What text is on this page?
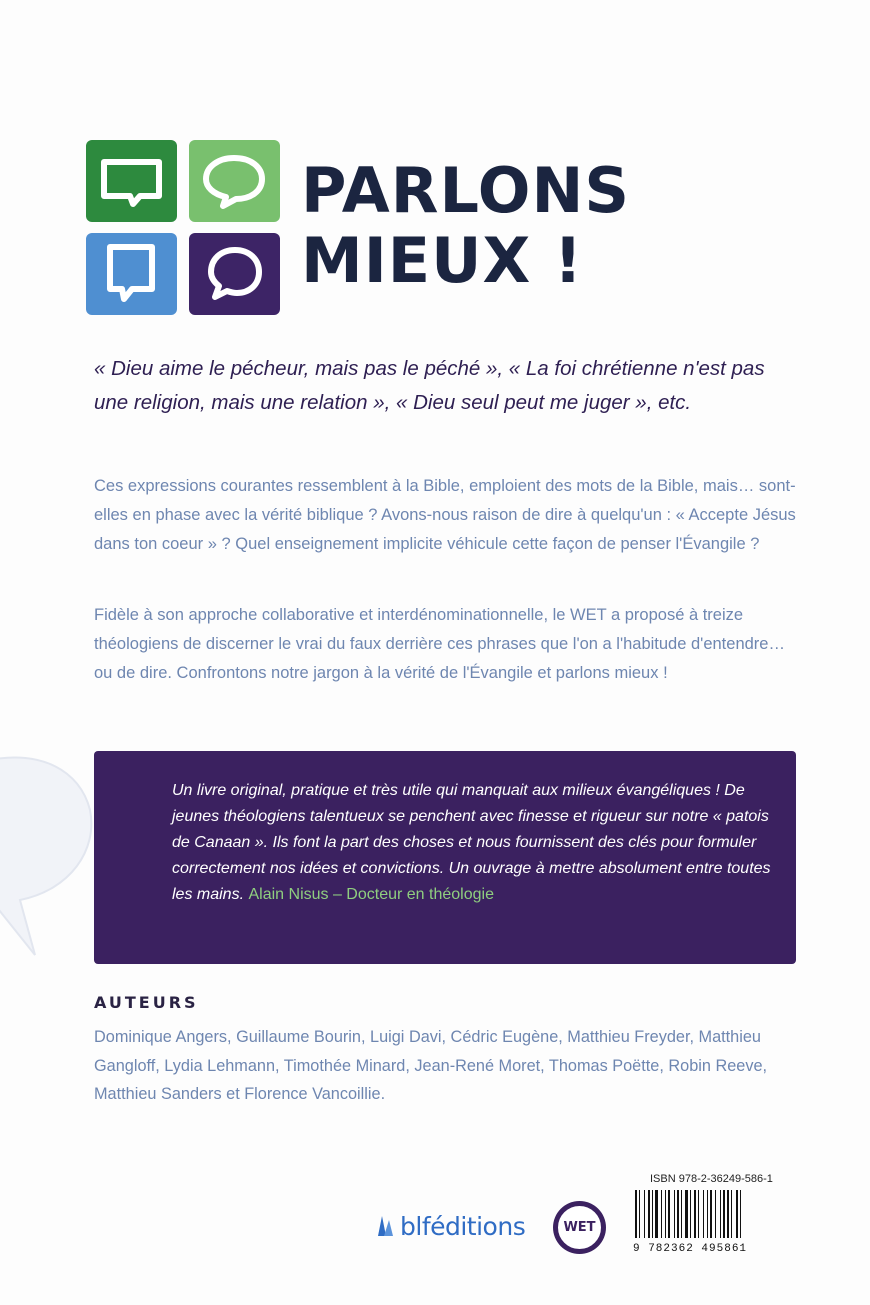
PARLONS
MIEUX !
« Dieu aime le pécheur, mais pas le péché », « La foi chrétienne n'est pas une religion, mais une relation », « Dieu seul peut me juger », etc.
Ces expressions courantes ressemblent à la Bible, emploient des mots de la Bible, mais… sont-elles en phase avec la vérité biblique ? Avons-nous raison de dire à quelqu'un : « Accepte Jésus dans ton coeur » ? Quel enseignement implicite véhicule cette façon de penser l'Évangile ?
Fidèle à son approche collaborative et interdénominationnelle, le WET a proposé à treize théologiens de discerner le vrai du faux derrière ces phrases que l'on a l'habitude d'entendre… ou de dire. Confrontons notre jargon à la vérité de l'Évangile et parlons mieux !
Un livre original, pratique et très utile qui manquait aux milieux évangéliques ! De jeunes théologiens talentueux se penchent avec finesse et rigueur sur notre « patois de Canaan ». Ils font la part des choses et nous fournissent des clés pour formuler correctement nos idées et convictions. Un ouvrage à mettre absolument entre toutes les mains. Alain Nisus – Docteur en théologie
AUTEURS
Dominique Angers, Guillaume Bourin, Luigi Davi, Cédric Eugène, Matthieu Freyder, Matthieu Gangloff, Lydia Lehmann, Timothée Minard, Jean-René Moret, Thomas Poëtte, Robin Reeve, Matthieu Sanders et Florence Vancoillie.
blféditions	WET
ISBN 978-2-36249-586-1
9 782362 495861
